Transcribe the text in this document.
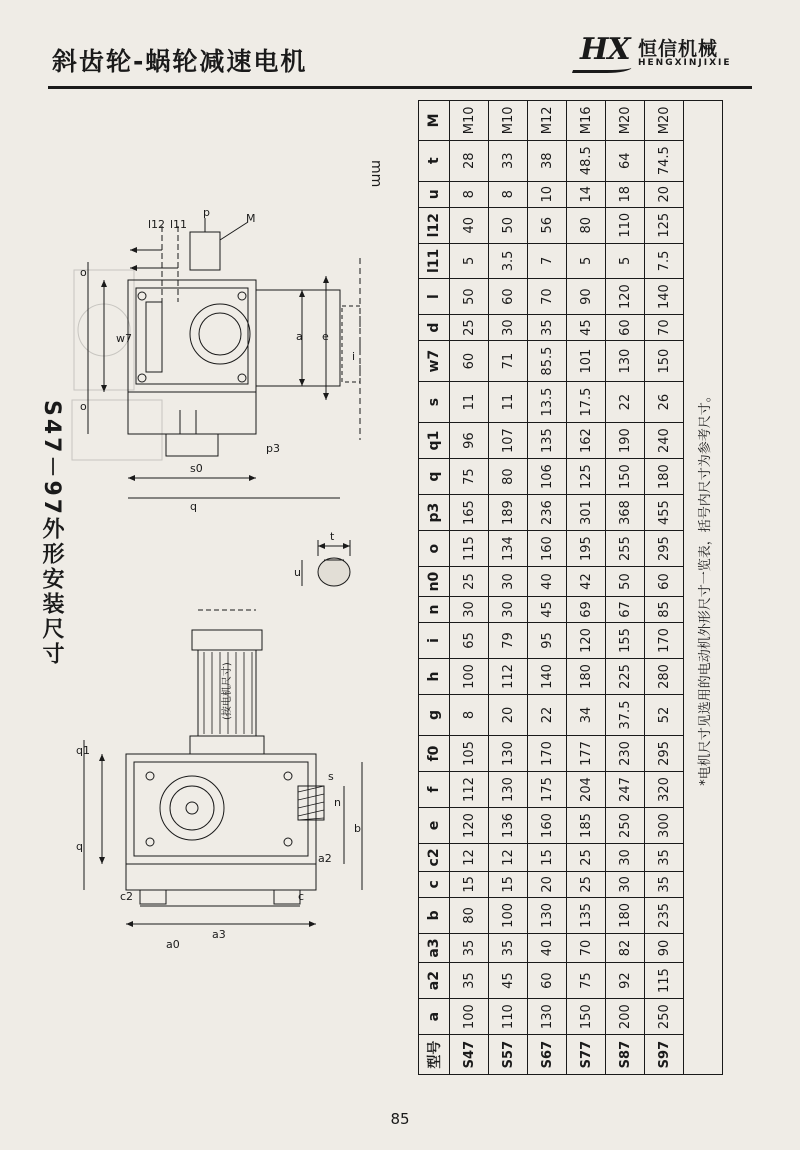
斜齿轮-蜗轮减速电机	HX 恒信机械
HENGXINJIXIE
S47－97外形安装尺寸
mm
M
p
l12 l11
o
o
w7	a e
i
s0
q
p3
t
u
q1
q
s
n
b
a2
a3
c2	c
a0
(按电机尺寸)
型号	a	a2	a3	b	c	c2	e	f	f0	g	h	i	n	n0	o	p3	q	q1	s	w7	d	l	l11	l12	u	t	M
S47	100	35	35	80	15	12	120	112	105	8	100	65	30	25	115	165	75	96	11	60	25	50	5	40	8	28	M10
S57	110	45	35	100	15	12	136	130	130	20	112	79	30	30	134	189	80	107	11	71	30	60	3.5	50	8	33	M10
S67	130	60	40	130	20	15	160	175	170	22	140	95	45	40	160	236	106	135	13.5	85.5	35	70	7	56	10	38	M12
S77	150	75	70	135	25	25	185	204	177	34	180	120	69	42	195	301	125	162	17.5	101	45	90	5	80	14	48.5	M16
S87	200	92	82	180	30	30	250	247	230	37.5	225	155	67	50	255	368	150	190	22	130	60	120	5	110	18	64	M20
S97	250	115	90	235	35	35	300	320	295	52	280	170	85	60	295	455	180	240	26	150	70	140	7.5	125	20	74.5	M20
*电机尺寸见选用的电动机外形尺寸一览表，括号内尺寸为参考尺寸。																											
85
